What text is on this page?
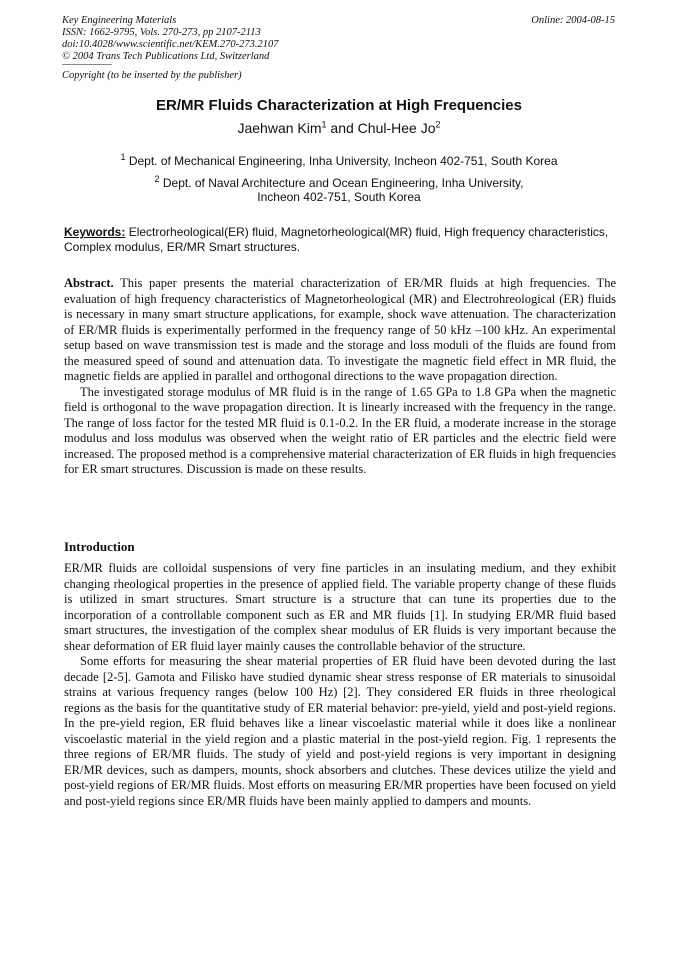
Key Engineering Materials
ISSN: 1662-9795, Vols. 270-273, pp 2107-2113
doi:10.4028/www.scientific.net/KEM.270-273.2107
© 2004 Trans Tech Publications Ltd, Switzerland
Online: 2004-08-15
Copyright (to be inserted by the publisher)
ER/MR Fluids Characterization at High Frequencies
Jaehwan Kim$^1$ and Chul-Hee Jo$^2$
$^1$ Dept. of Mechanical Engineering, Inha University, Incheon 402-751, South Korea
$^2$ Dept. of Naval Architecture and Ocean Engineering, Inha University,
Incheon 402-751, South Korea
Keywords: Electrorheological(ER) fluid, Magnetorheological(MR) fluid, High frequency characteristics, Complex modulus, ER/MR Smart structures.

Abstract. This paper presents the material characterization of ER/MR fluids at high frequencies. The evaluation of high frequency characteristics of Magnetorheological (MR) and Electrohreological (ER) fluids is necessary in many smart structure applications, for example, shock wave attenuation. The characterization of ER/MR fluids is experimentally performed in the frequency range of 50 kHz –100 kHz. An experimental setup based on wave transmission test is made and the storage and loss moduli of the fluids are found from the measured speed of sound and attenuation data. To investigate the magnetic field effect in MR fluid, the magnetic fields are applied in parallel and orthogonal directions to the wave propagation direction.

The investigated storage modulus of MR fluid is in the range of 1.65 GPa to 1.8 GPa when the magnetic field is orthogonal to the wave propagation direction. It is linearly increased with the frequency in the range. The range of loss factor for the tested MR fluid is 0.1-0.2. In the ER fluid, a moderate increase in the storage modulus and loss modulus was observed when the weight ratio of ER particles and the electric field were increased. The proposed method is a comprehensive material characterization of ER fluids in high frequencies for ER smart structures. Discussion is made on these results.

Introduction

ER/MR fluids are colloidal suspensions of very fine particles in an insulating medium, and they exhibit changing rheological properties in the presence of applied field. The variable property change of these fluids is utilized in smart structures. Smart structure is a structure that can tune its properties due to the incorporation of a controllable component such as ER and MR fluids [1]. In studying ER/MR fluid based smart structures, the investigation of the complex shear modulus of ER fluids is very important because the shear deformation of ER fluid layer mainly causes the controllable behavior of the structure.

Some efforts for measuring the shear material properties of ER fluid have been devoted during the last decade [2-5]. Gamota and Filisko have studied dynamic shear stress response of ER materials to sinusoidal strains at various frequency ranges (below 100 Hz) [2]. They considered ER fluids in three rheological regions as the basis for the quantitative study of ER material behavior: pre-yield, yield and post-yield regions. In the pre-yield region, ER fluid behaves like a linear viscoelastic material while it does like a nonlinear viscoelastic material in the yield region and a plastic material in the post-yield region. Fig. 1 represents the three regions of ER/MR fluids. The study of yield and post-yield regions is very important in designing ER/MR devices, such as dampers, mounts, shock absorbers and clutches. These devices utilize the yield and post-yield regions of ER/MR fluids. Most efforts on measuring ER/MR properties have been focused on yield and post-yield regions since ER/MR fluids have been mainly applied to dampers and mounts.
